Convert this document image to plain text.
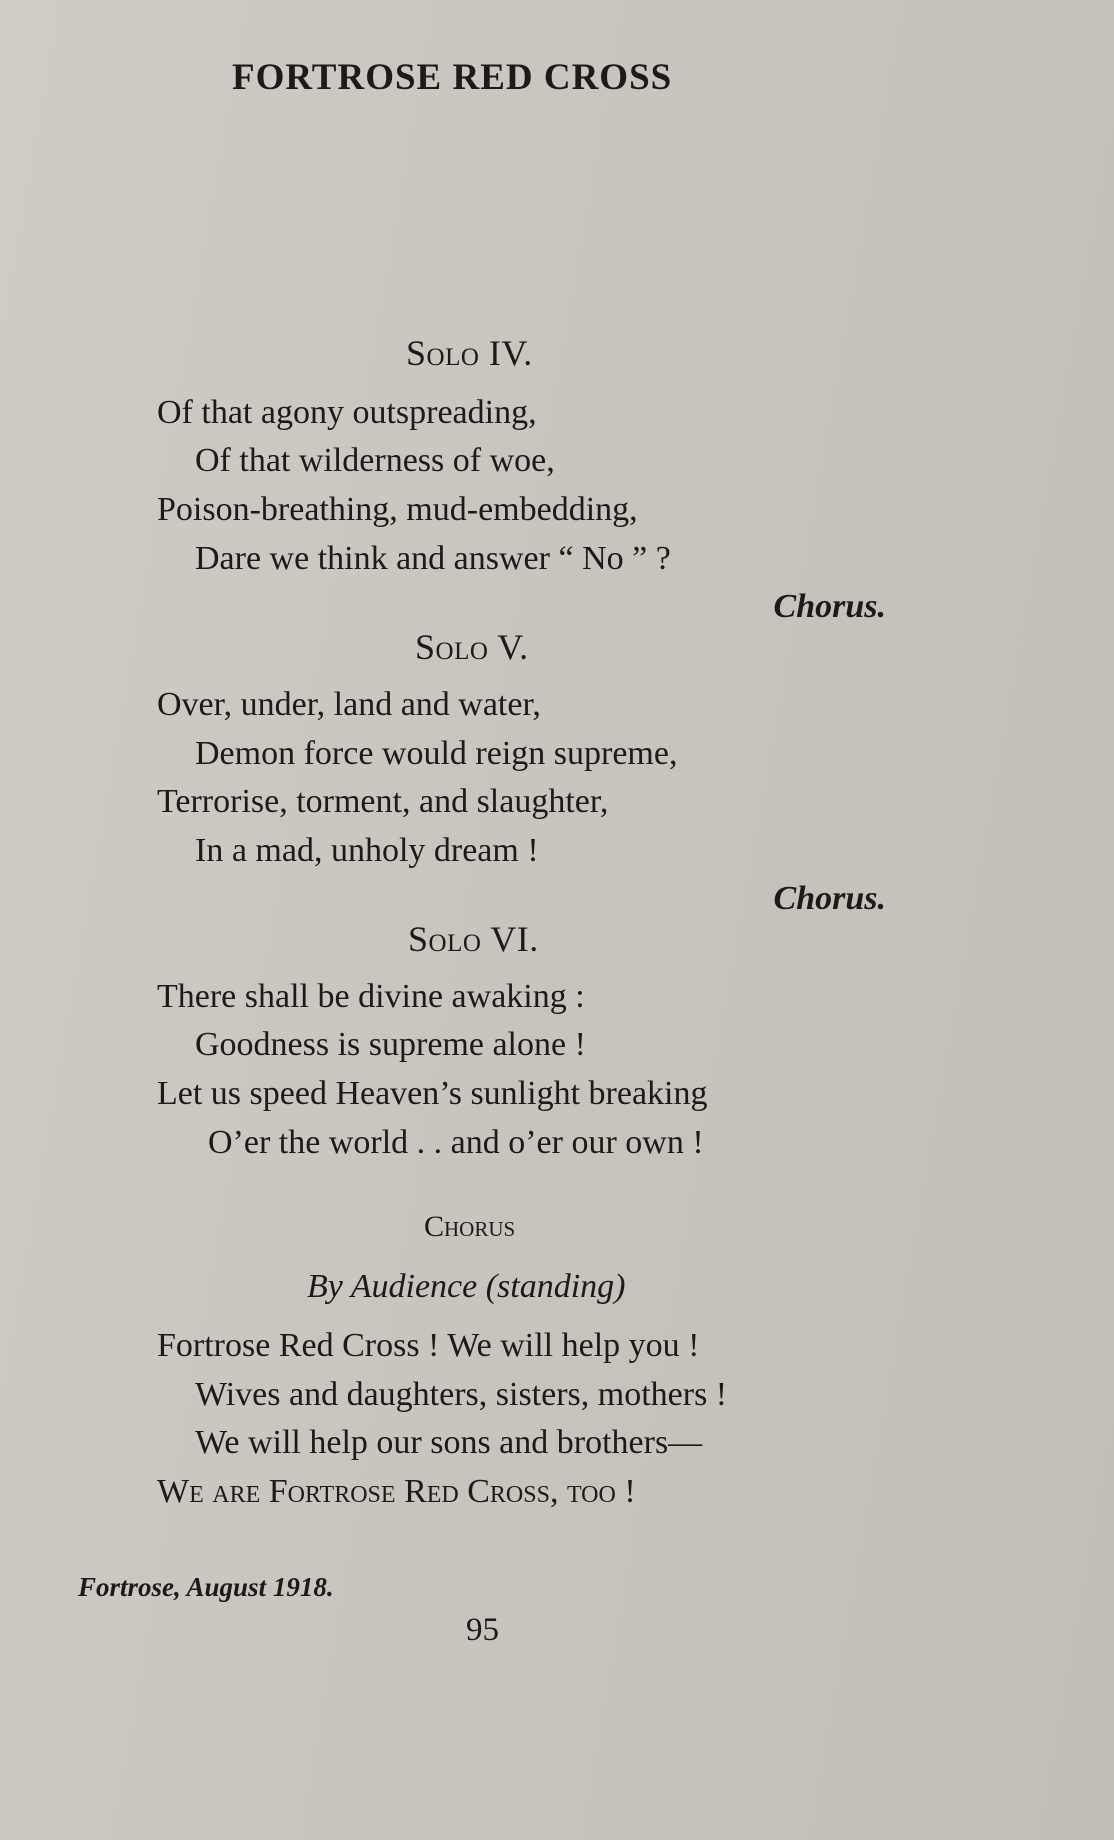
FORTROSE RED CROSS
Solo IV.
Of that agony outspreading,
Of that wilderness of woe,
Poison-breathing, mud-embedding,
Dare we think and answer “ No ” ?
Chorus.
Solo V.
Over, under, land and water,
Demon force would reign supreme,
Terrorise, torment, and slaughter,
In a mad, unholy dream !
Chorus.
Solo VI.
There shall be divine awaking :
Goodness is supreme alone !
Let us speed Heaven’s sunlight breaking
O’er the world . . and o’er our own !
Chorus
By Audience (standing)
Fortrose Red Cross ! We will help you !
Wives and daughters, sisters, mothers !
We will help our sons and brothers—
We are Fortrose Red Cross, too !
Fortrose, August 1918.
95
